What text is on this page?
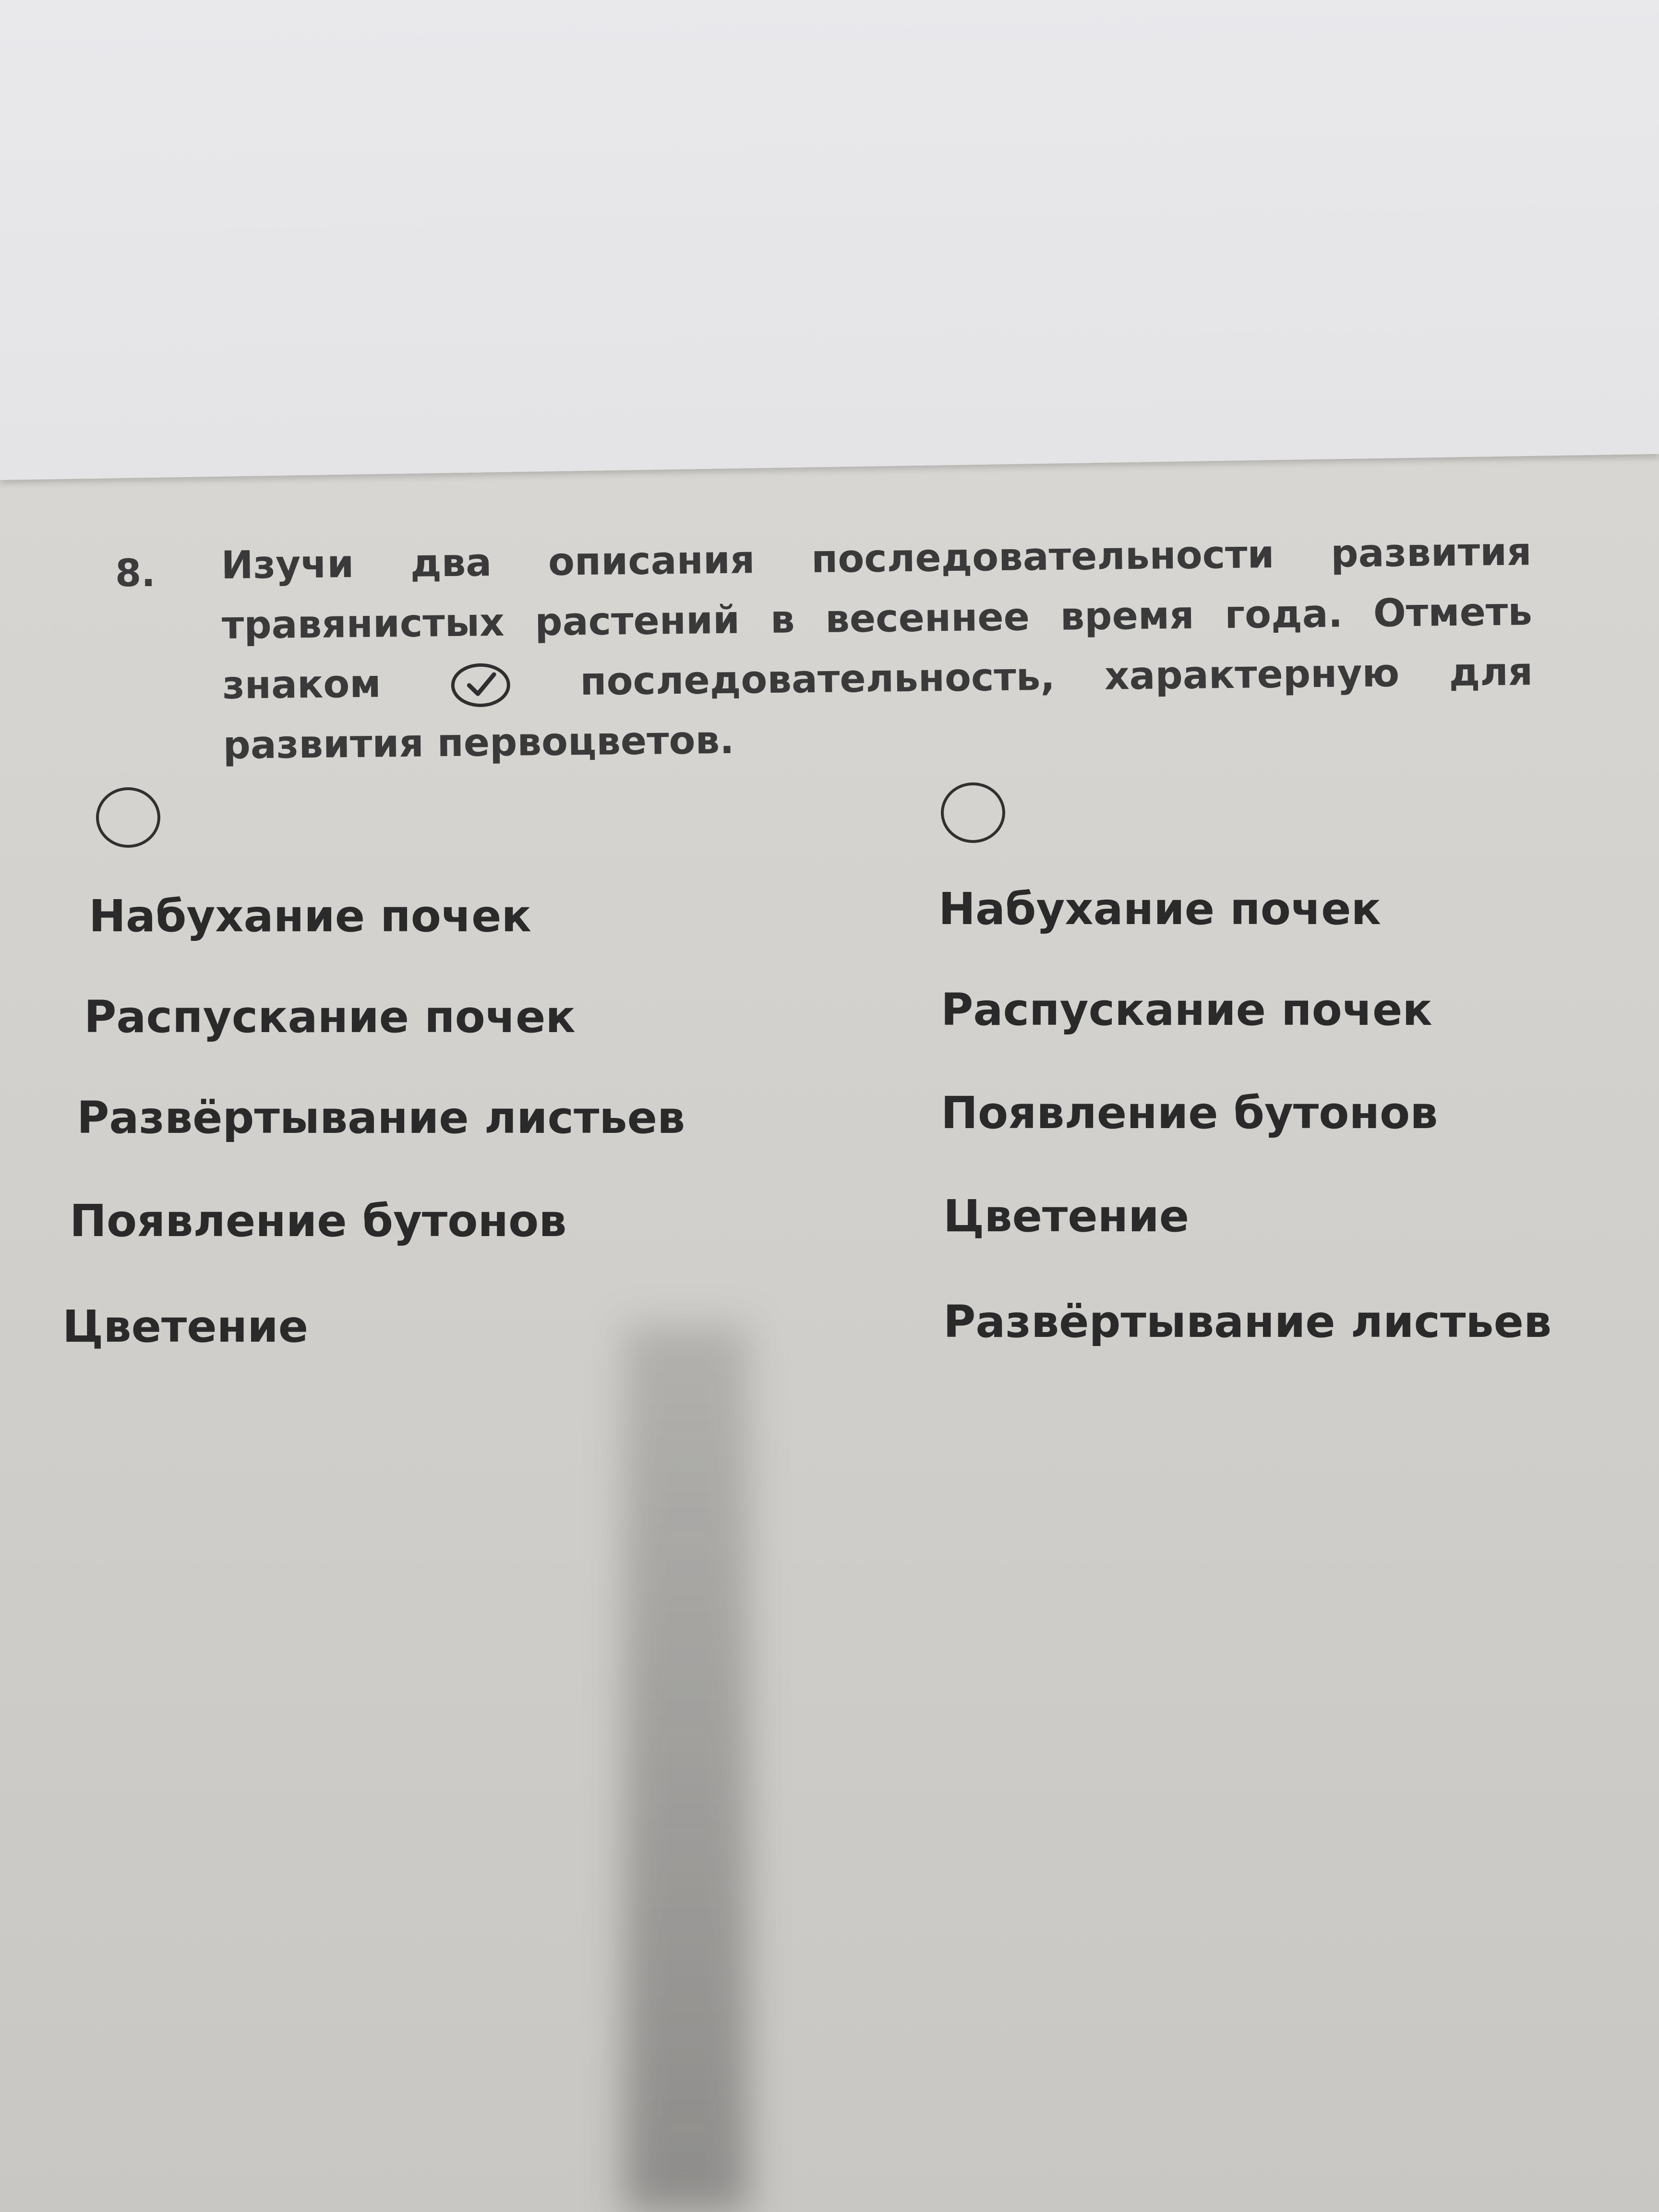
8. Изучи два описания последовательности развития травянистых растений в весеннее время года. Отметь знаком	последовательность, характерную для развития первоцветов.
Набухание почек
Распускание почек
Развёртывание листьев
Появление бутонов
Цветение
Набухание почек
Распускание почек
Появление бутонов
Цветение
Развёртывание листьев
